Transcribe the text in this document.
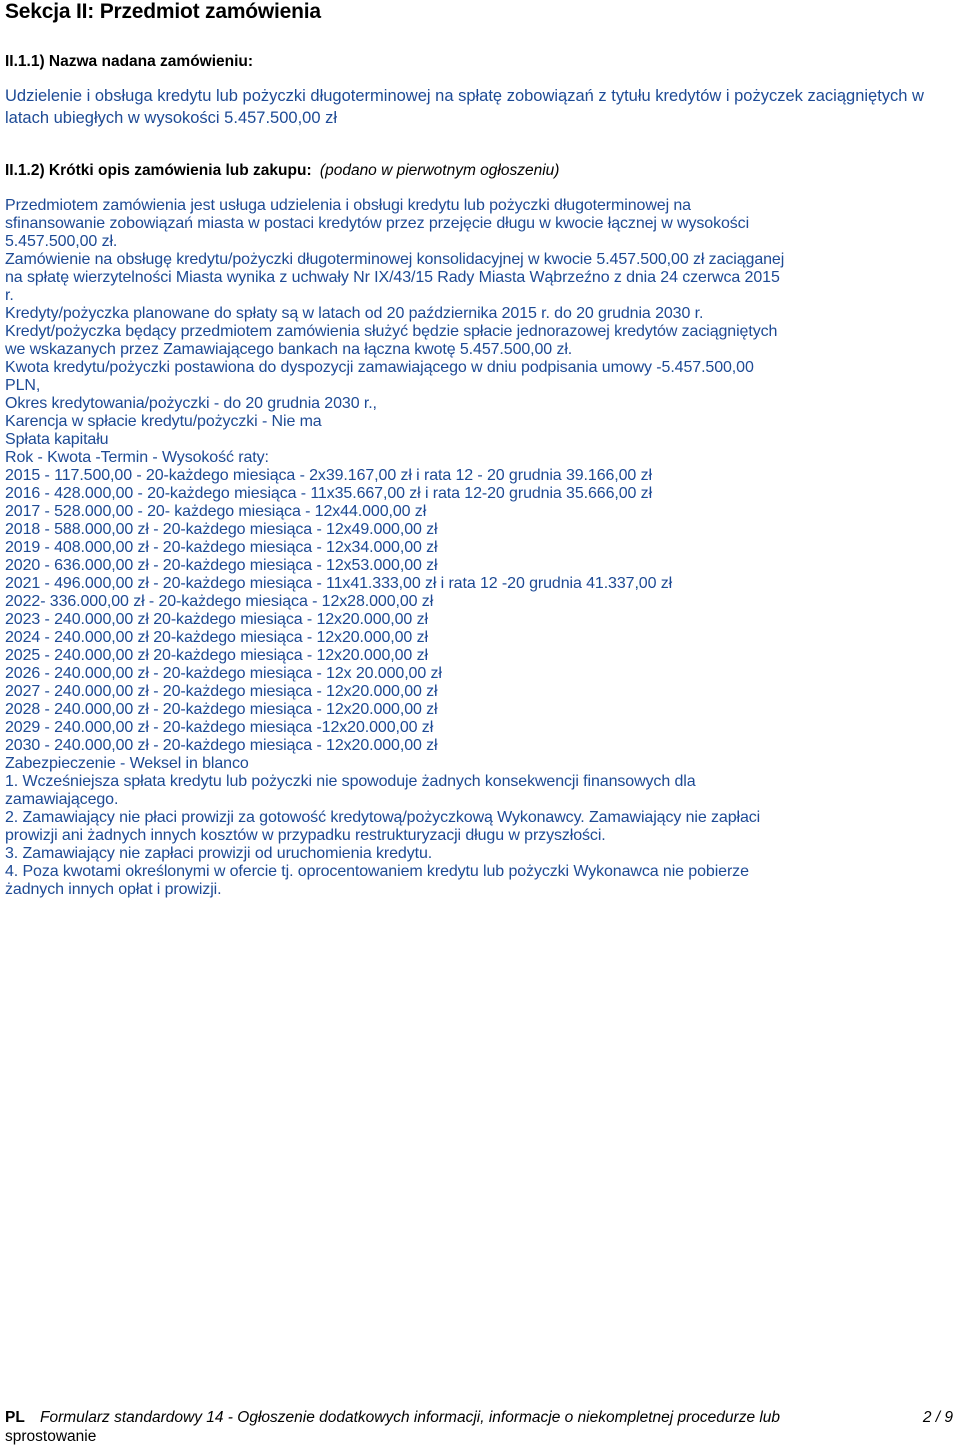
Sekcja II: Przedmiot zamówienia
II.1.1) Nazwa nadana zamówieniu:
Udzielenie i obsługa kredytu lub pożyczki długoterminowej na spłatę zobowiązań z tytułu kredytów i pożyczek zaciągniętych w latach ubiegłych w wysokości 5.457.500,00 zł
II.1.2) Krótki opis zamówienia lub zakupu: (podano w pierwotnym ogłoszeniu)
Przedmiotem zamówienia jest usługa udzielenia i obsługi kredytu lub pożyczki długoterminowej na
sfinansowanie zobowiązań miasta w postaci kredytów przez przejęcie długu w kwocie łącznej w wysokości
5.457.500,00 zł.
Zamówienie na obsługę kredytu/pożyczki długoterminowej konsolidacyjnej w kwocie 5.457.500,00 zł zaciąganej
na spłatę wierzytelności Miasta wynika z uchwały Nr IX/43/15 Rady Miasta Wąbrzeźno z dnia 24 czerwca 2015
r.
Kredyty/pożyczka planowane do spłaty są w latach od 20 października 2015 r. do 20 grudnia 2030 r.
Kredyt/pożyczka będący przedmiotem zamówienia służyć będzie spłacie jednorazowej kredytów zaciągniętych
we wskazanych przez Zamawiającego bankach na łączna kwotę 5.457.500,00 zł.
Kwota kredytu/pożyczki postawiona do dyspozycji zamawiającego w dniu podpisania umowy -5.457.500,00
PLN,
Okres kredytowania/pożyczki - do 20 grudnia 2030 r.,
Karencja w spłacie kredytu/pożyczki - Nie ma
Spłata kapitału
Rok - Kwota -Termin - Wysokość raty:
2015 - 117.500,00 - 20-każdego miesiąca - 2x39.167,00 zł i rata 12 - 20 grudnia 39.166,00 zł
2016 - 428.000,00 - 20-każdego miesiąca - 11x35.667,00 zł i rata 12-20 grudnia 35.666,00 zł
2017 - 528.000,00 - 20- każdego miesiąca - 12x44.000,00 zł
2018 - 588.000,00 zł - 20-każdego miesiąca - 12x49.000,00 zł
2019 - 408.000,00 zł - 20-każdego miesiąca - 12x34.000,00 zł
2020 - 636.000,00 zł - 20-każdego miesiąca - 12x53.000,00 zł
2021 - 496.000,00 zł - 20-każdego miesiąca - 11x41.333,00 zł i rata 12 -20 grudnia 41.337,00 zł
2022- 336.000,00 zł - 20-każdego miesiąca - 12x28.000,00 zł
2023 - 240.000,00 zł 20-każdego miesiąca - 12x20.000,00 zł
2024 - 240.000,00 zł 20-każdego miesiąca - 12x20.000,00 zł
2025 - 240.000,00 zł 20-każdego miesiąca - 12x20.000,00 zł
2026 - 240.000,00 zł - 20-każdego miesiąca - 12x 20.000,00 zł
2027 - 240.000,00 zł - 20-każdego miesiąca - 12x20.000,00 zł
2028 - 240.000,00 zł - 20-każdego miesiąca - 12x20.000,00 zł
2029 - 240.000,00 zł - 20-każdego miesiąca -12x20.000,00 zł
2030 - 240.000,00 zł - 20-każdego miesiąca - 12x20.000,00 zł
Zabezpieczenie - Weksel in blanco
1. Wcześniejsza spłata kredytu lub pożyczki nie spowoduje żadnych konsekwencji finansowych dla
zamawiającego.
2. Zamawiający nie płaci prowizji za gotowość kredytową/pożyczkową Wykonawcy. Zamawiający nie zapłaci
prowizji ani żadnych innych kosztów w przypadku restrukturyzacji długu w przyszłości.
3. Zamawiający nie zapłaci prowizji od uruchomienia kredytu.
4. Poza kwotami określonymi w ofercie tj. oprocentowaniem kredytu lub pożyczki Wykonawca nie pobierze
żadnych innych opłat i prowizji.
PL Formularz standardowy 14 - Ogłoszenie dodatkowych informacji, informacje o niekompletnej procedurze lub	2 / 9
sprostowanie
